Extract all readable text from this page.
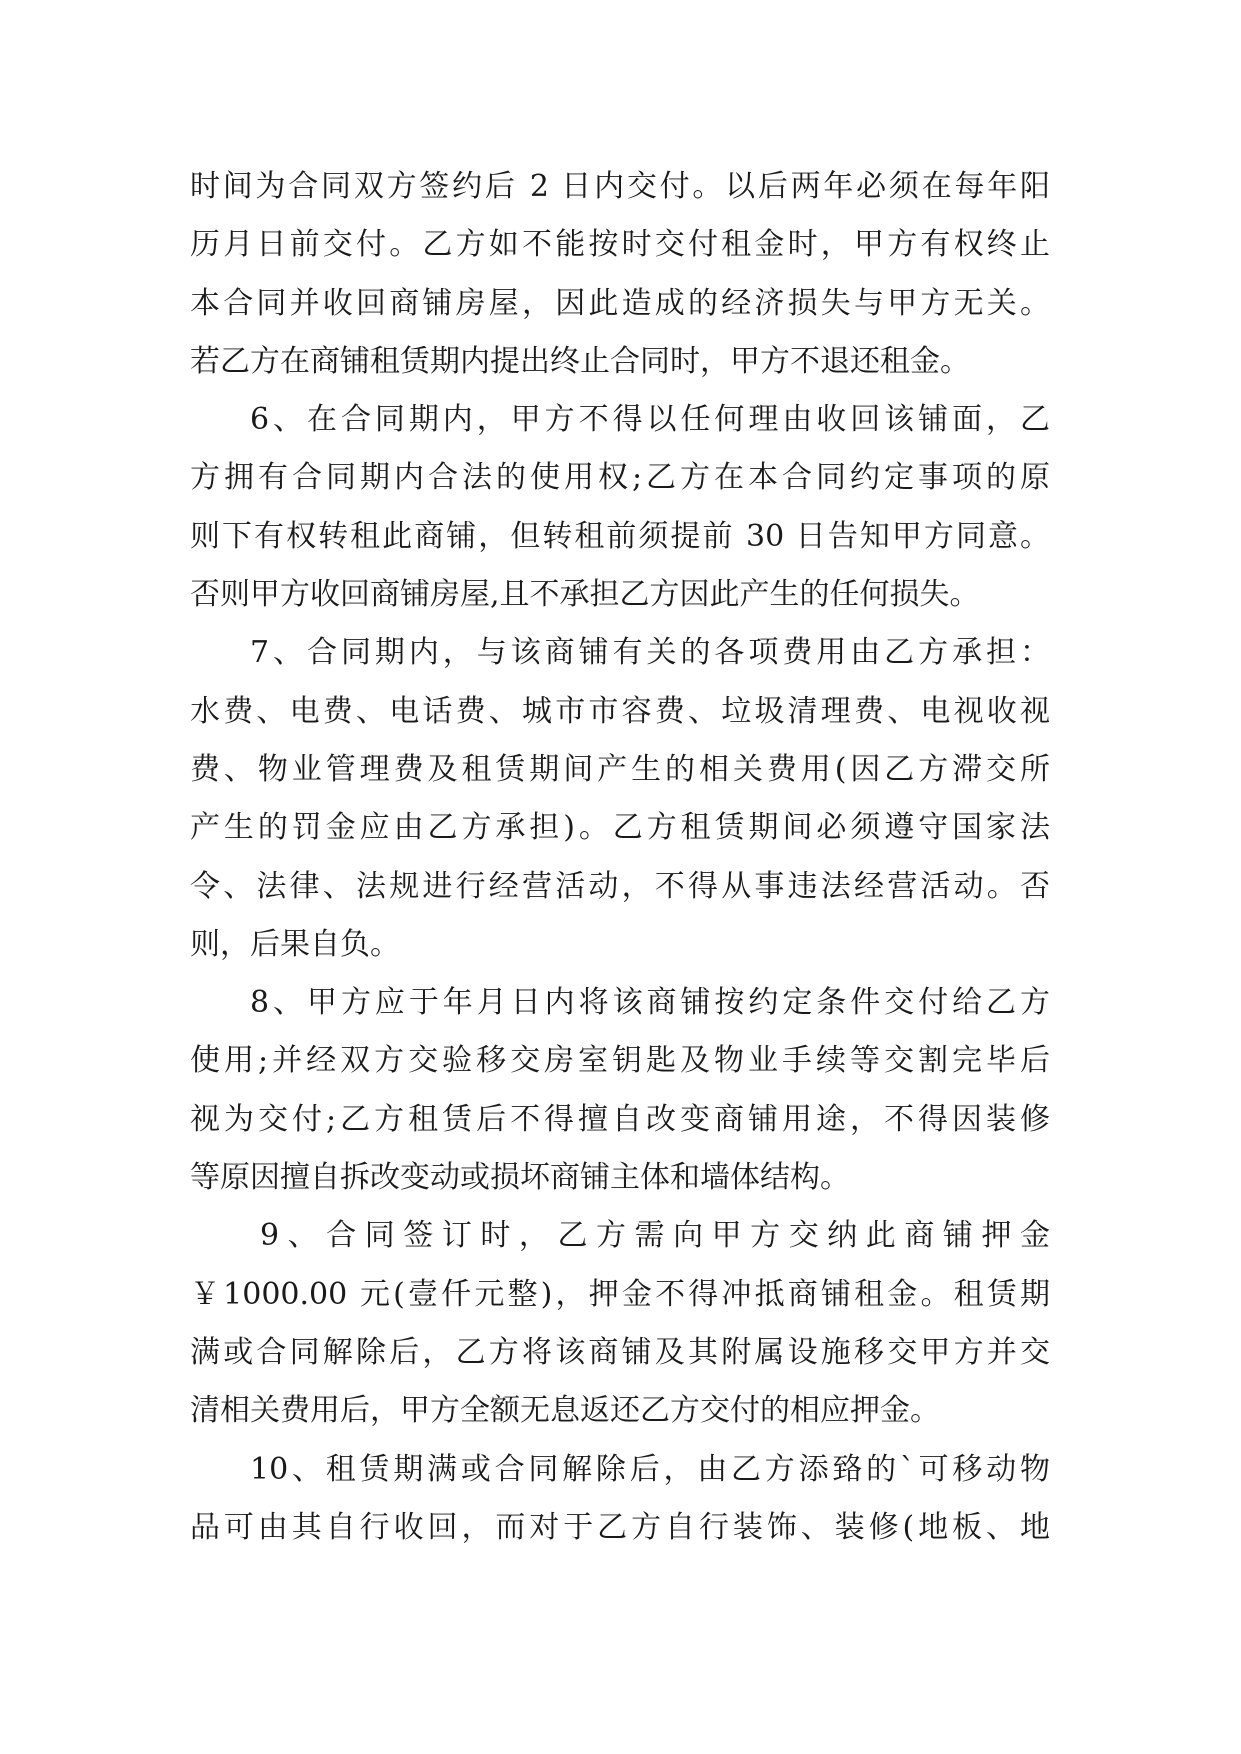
时间为合同双方签约后 2 日内交付。以后两年必须在每年阳
历月日前交付。乙方如不能按时交付租金时，甲方有权终止
本合同并收回商铺房屋，因此造成的经济损失与甲方无关。
若乙方在商铺租赁期内提出终止合同时，甲方不退还租金。
6、在合同期内，甲方不得以任何理由收回该铺面，乙
方拥有合同期内合法的使用权;乙方在本合同约定事项的原
则下有权转租此商铺，但转租前须提前 30 日告知甲方同意。
否则甲方收回商铺房屋,且不承担乙方因此产生的任何损失。
7、合同期内，与该商铺有关的各项费用由乙方承担：
水费、电费、电话费、城市市容费、垃圾清理费、电视收视
费、物业管理费及租赁期间产生的相关费用(因乙方滞交所
产生的罚金应由乙方承担)。乙方租赁期间必须遵守国家法
令、法律、法规进行经营活动，不得从事违法经营活动。否
则，后果自负。
8、甲方应于年月日内将该商铺按约定条件交付给乙方
使用;并经双方交验移交房室钥匙及物业手续等交割完毕后
视为交付;乙方租赁后不得擅自改变商铺用途，不得因装修
等原因擅自拆改变动或损坏商铺主体和墙体结构。
9、合同签订时，乙方需向甲方交纳此商铺押金
￥1000.00 元(壹仟元整)，押金不得冲抵商铺租金。租赁期
满或合同解除后，乙方将该商铺及其附属设施移交甲方并交
清相关费用后，甲方全额无息返还乙方交付的相应押金。
10、租赁期满或合同解除后，由乙方添臵的`可移动物
品可由其自行收回，而对于乙方自行装饰、装修(地板、地
